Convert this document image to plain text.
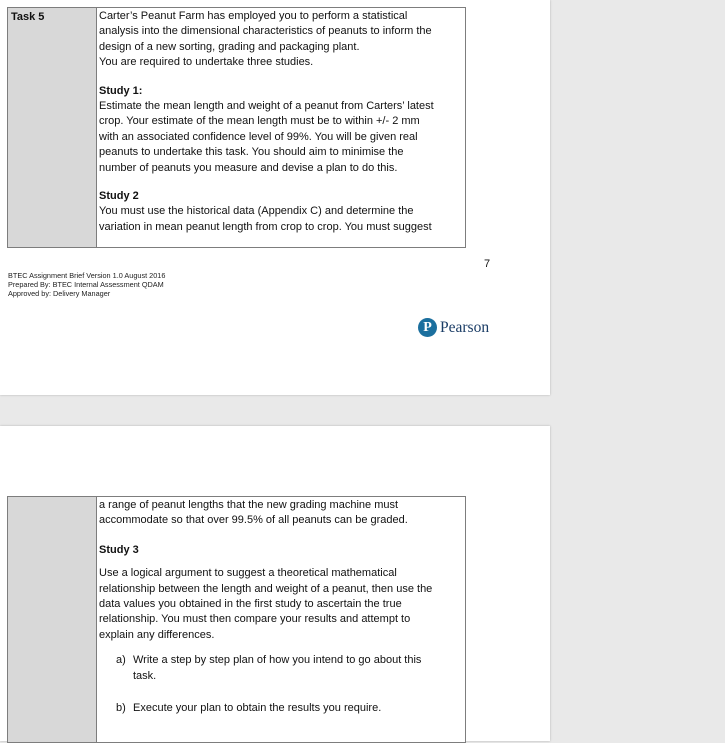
Task 5	Carter’s Peanut Farm has employed you to perform a statistical

analysis into the dimensional characteristics of peanuts to inform the

design of a new sorting, grading and packaging plant.

You are required to undertake three studies.

Study 1:

Estimate the mean length and weight of a peanut from Carters’ latest

crop. Your estimate of the mean length must be to within +/- 2 mm

with an associated confidence level of 99%. You will be given real

peanuts to undertake this task. You should aim to minimise the

number of peanuts you measure and devise a plan to do this.

Study 2

You must use the historical data (Appendix C) and determine the

variation in mean peanut length from crop to crop. You must suggest

7
BTEC Assignment Brief Version 1.0 August 2016
Prepared By: BTEC Internal Assessment QDAM
Approved by: Delivery Manager
P Pearson

a range of peanut lengths that the new grading machine must

accommodate so that over 99.5% of all peanuts can be graded.

Study 3

Use a logical argument to suggest a theoretical mathematical

relationship between the length and weight of a peanut, then use the

data values you obtained in the first study to ascertain the true

relationship. You must then compare your results and attempt to

explain any differences.

a) Write a step by step plan of how you intend to go about this
task.
b) Execute your plan to obtain the results you require.
